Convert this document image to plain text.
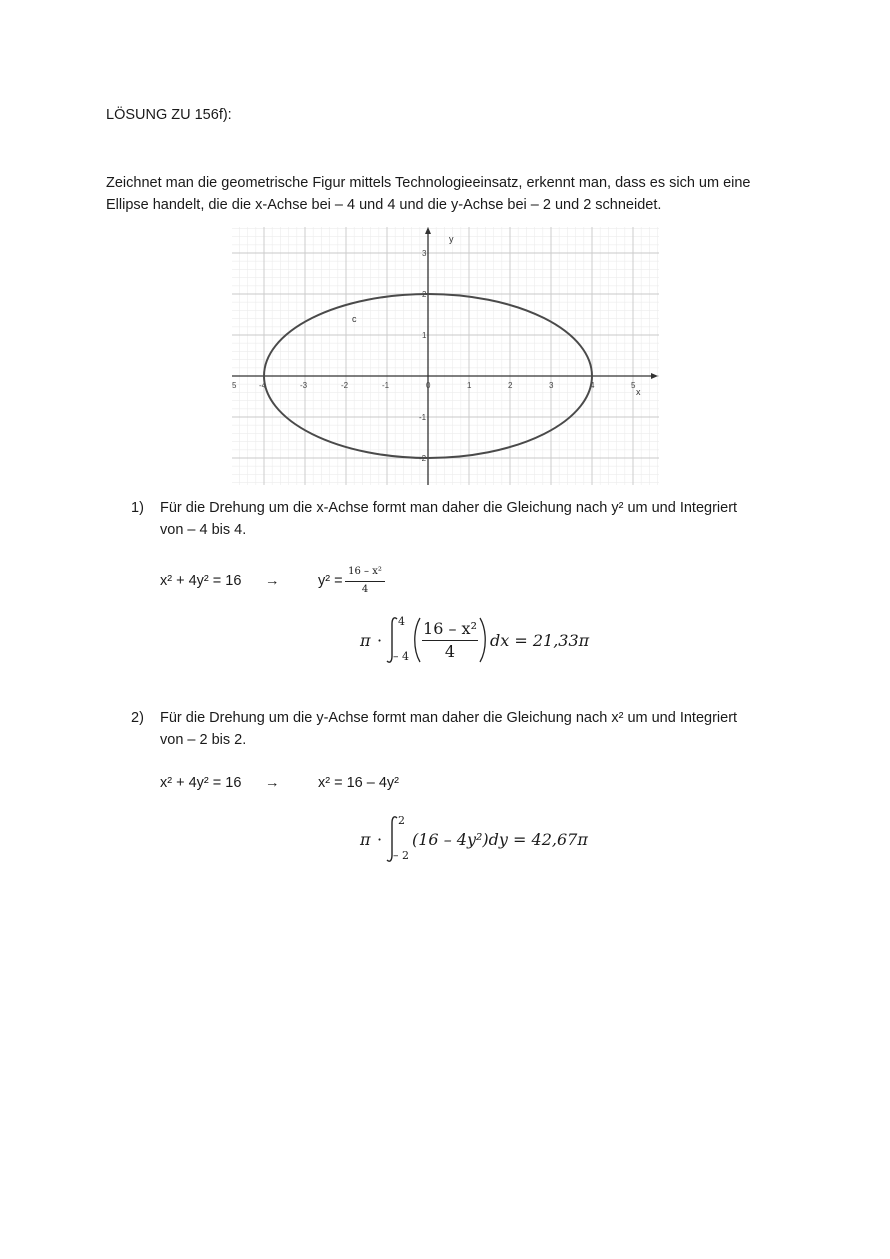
LÖSUNG ZU 156f):
Zeichnet man die geometrische Figur mittels Technologieeinsatz, erkennt man, dass es sich um eine
Ellipse handelt, die die x-Achse bei – 4 und 4 und die y-Achse bei – 2 und 2 schneidet.
-4	-3	-2	-1	0	1	2	3	4	5
3
2
1
-1
-2
5
x
y
c
1) Für die Drehung um die x-Achse formt man daher die Gleichung nach y² um und Integriert
von – 4 bis 4.
x² + 4y² = 16 →	y² =
16 – x²
4
π ·
4
– 4
16 – x²
4
dx = 21,33π
2) Für die Drehung um die y-Achse formt man daher die Gleichung nach x² um und Integriert
von – 2 bis 2.
x² + 4y² = 16 →	x² = 16 – 4y²
π ·
2
– 2
(16 – 4y²)dy = 42,67π
